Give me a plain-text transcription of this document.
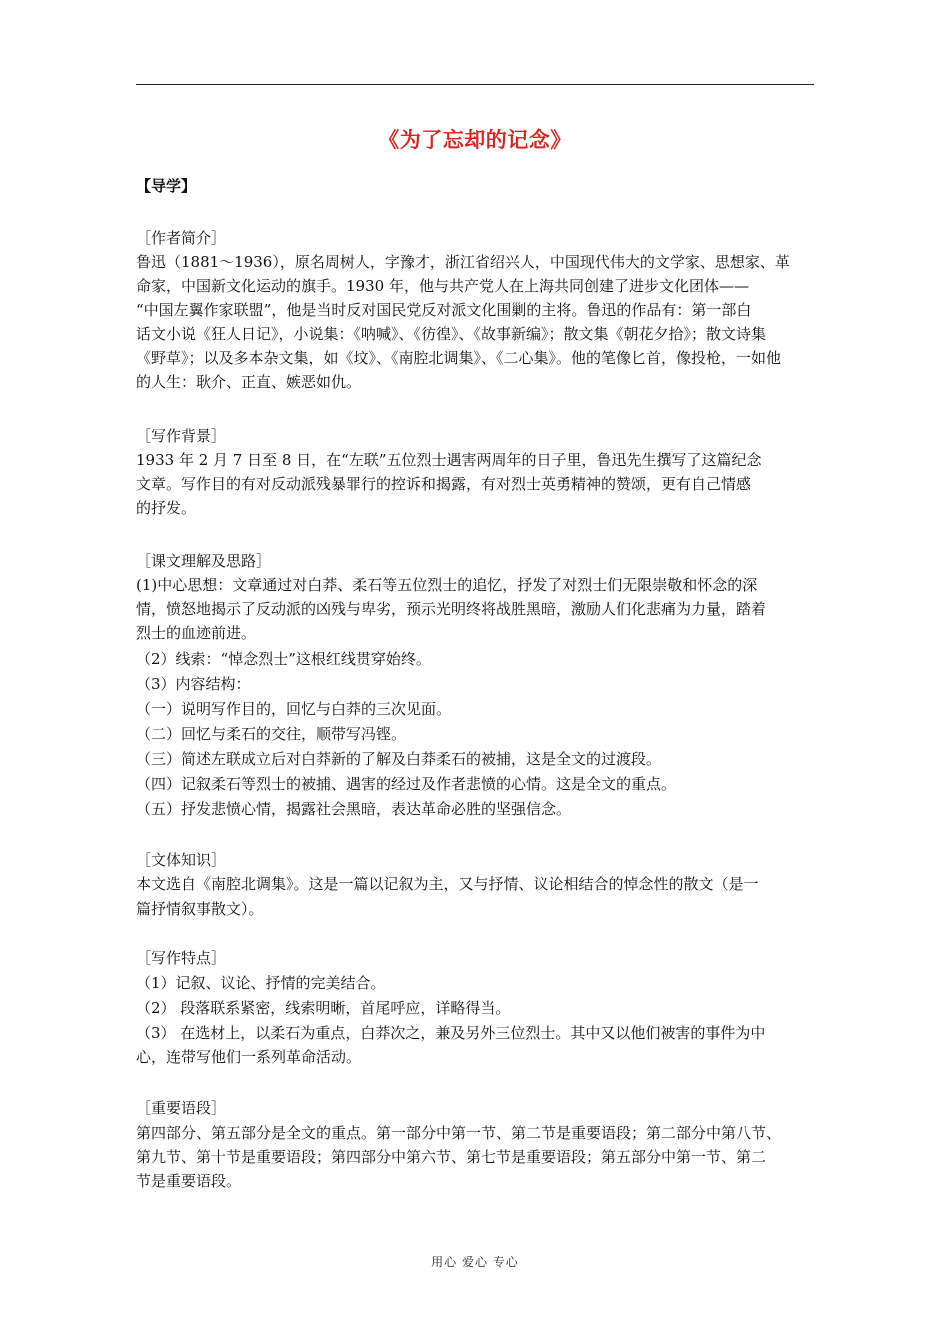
《为了忘却的记念》
【导学】
［作者简介］
鲁迅（1881～1936），原名周树人，字豫才，浙江省绍兴人，中国现代伟大的文学家、思想家、革
命家，中国新文化运动的旗手。1930 年，他与共产党人在上海共同创建了进步文化团体——
“中国左翼作家联盟”，他是当时反对国民党反对派文化围剿的主将。鲁迅的作品有：第一部白
话文小说《狂人日记》，小说集：《呐喊》、《彷徨》、《故事新编》；散文集《朝花夕拾》；散文诗集
《野草》；以及多本杂文集，如《坟》、《南腔北调集》、《二心集》。他的笔像匕首，像投枪，一如他
的人生：耿介、正直、嫉恶如仇。
［写作背景］
1933 年 2 月 7 日至 8 日，在“左联”五位烈士遇害两周年的日子里，鲁迅先生撰写了这篇纪念
文章。写作目的有对反动派残暴罪行的控诉和揭露，有对烈士英勇精神的赞颂，更有自己情感
的抒发。
［课文理解及思路］
(1)中心思想：文章通过对白莽、柔石等五位烈士的追忆，抒发了对烈士们无限崇敬和怀念的深
情，愤怒地揭示了反动派的凶残与卑劣，预示光明终将战胜黑暗，激励人们化悲痛为力量，踏着
烈士的血迹前进。
（2）线索：“悼念烈士”这根红线贯穿始终。
（3）内容结构：
（一）说明写作目的，回忆与白莽的三次见面。
（二）回忆与柔石的交往，顺带写冯铿。
（三）简述左联成立后对白莽新的了解及白莽柔石的被捕，这是全文的过渡段。
（四）记叙柔石等烈士的被捕、遇害的经过及作者悲愤的心情。这是全文的重点。
（五）抒发悲愤心情，揭露社会黑暗，表达革命必胜的坚强信念。
［文体知识］
本文选自《南腔北调集》。这是一篇以记叙为主，又与抒情、议论相结合的悼念性的散文（是一
篇抒情叙事散文）。
［写作特点］
（1）记叙、议论、抒情的完美结合。
（2） 段落联系紧密，线索明晰，首尾呼应，详略得当。
（3） 在选材上，以柔石为重点，白莽次之，兼及另外三位烈士。其中又以他们被害的事件为中
心，连带写他们一系列革命活动。
［重要语段］
第四部分、第五部分是全文的重点。第一部分中第一节、第二节是重要语段；第二部分中第八节、
第九节、第十节是重要语段；第四部分中第六节、第七节是重要语段；第五部分中第一节、第二
节是重要语段。
用心 爱心 专心
